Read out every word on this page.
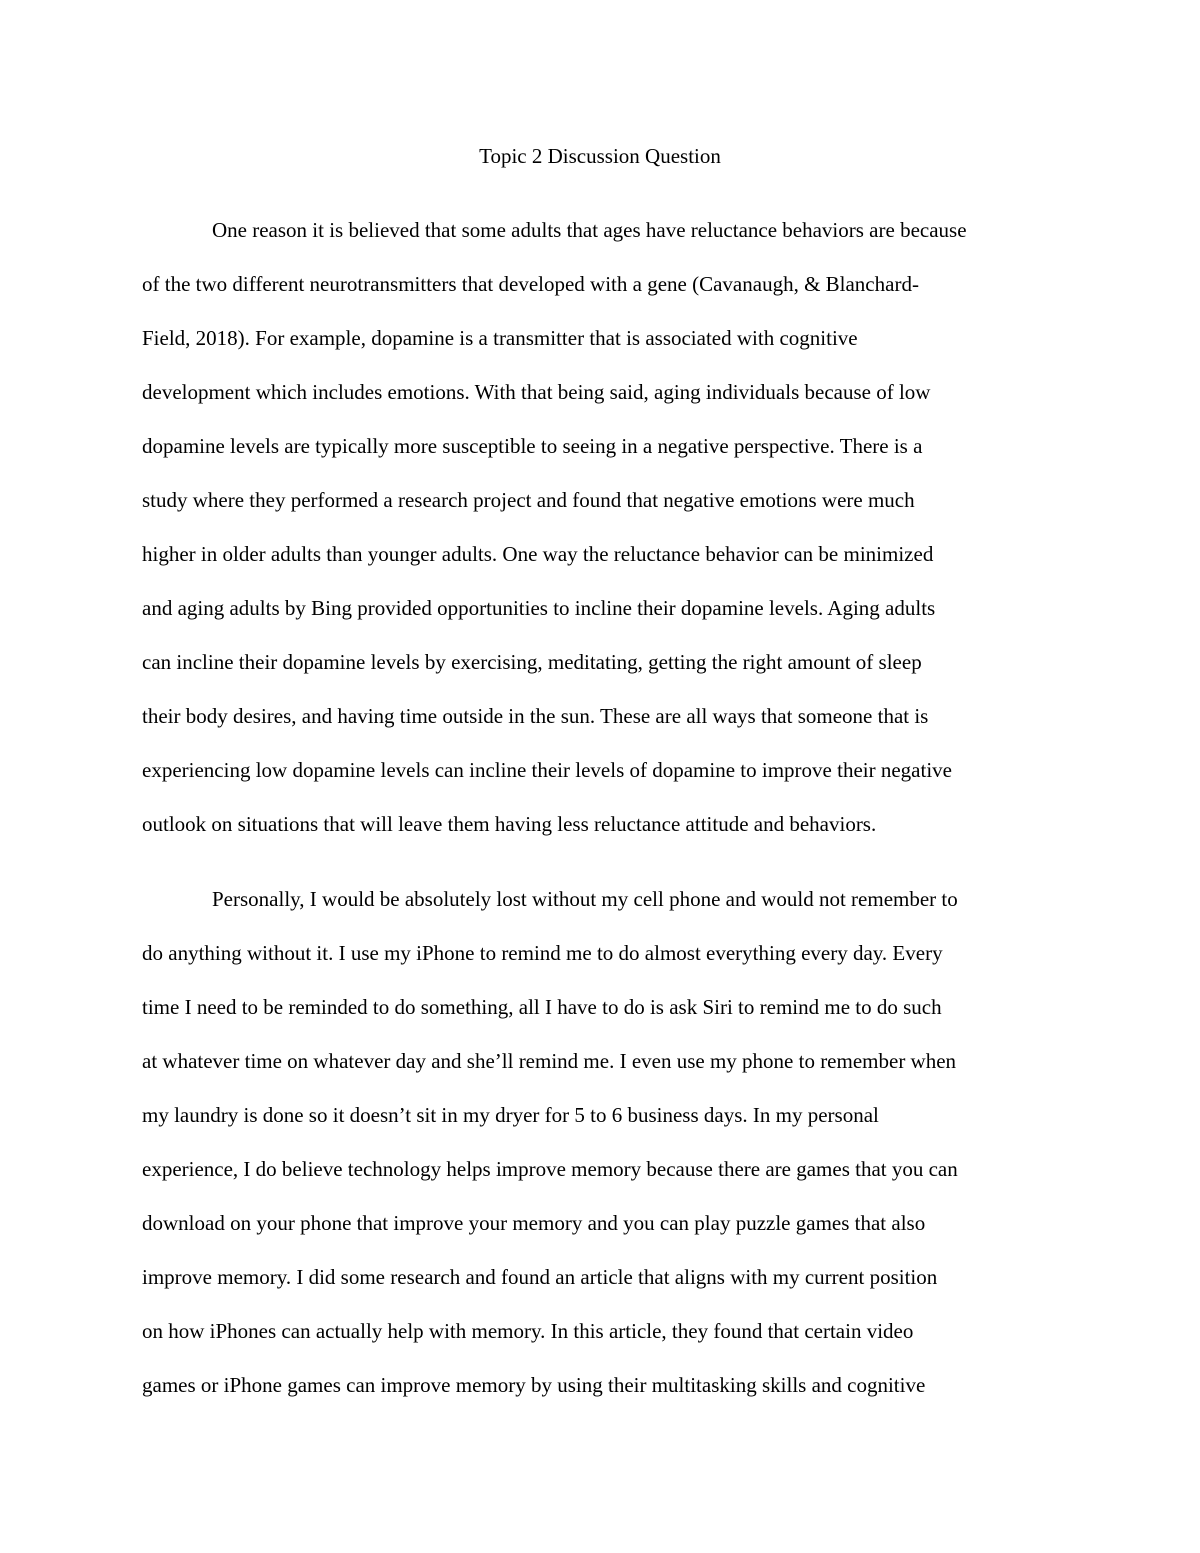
Topic 2 Discussion Question
One reason it is believed that some adults that ages have reluctance behaviors are because
of the two different neurotransmitters that developed with a gene (Cavanaugh, & Blanchard-
Field, 2018). For example, dopamine is a transmitter that is associated with cognitive
development which includes emotions. With that being said, aging individuals because of low
dopamine levels are typically more susceptible to seeing in a negative perspective. There is a
study where they performed a research project and found that negative emotions were much
higher in older adults than younger adults. One way the reluctance behavior can be minimized
and aging adults by Bing provided opportunities to incline their dopamine levels. Aging adults
can incline their dopamine levels by exercising, meditating, getting the right amount of sleep
their body desires, and having time outside in the sun. These are all ways that someone that is
experiencing low dopamine levels can incline their levels of dopamine to improve their negative
outlook on situations that will leave them having less reluctance attitude and behaviors.
Personally, I would be absolutely lost without my cell phone and would not remember to
do anything without it. I use my iPhone to remind me to do almost everything every day. Every
time I need to be reminded to do something, all I have to do is ask Siri to remind me to do such
at whatever time on whatever day and she’ll remind me. I even use my phone to remember when
my laundry is done so it doesn’t sit in my dryer for 5 to 6 business days. In my personal
experience, I do believe technology helps improve memory because there are games that you can
download on your phone that improve your memory and you can play puzzle games that also
improve memory. I did some research and found an article that aligns with my current position
on how iPhones can actually help with memory. In this article, they found that certain video
games or iPhone games can improve memory by using their multitasking skills and cognitive
